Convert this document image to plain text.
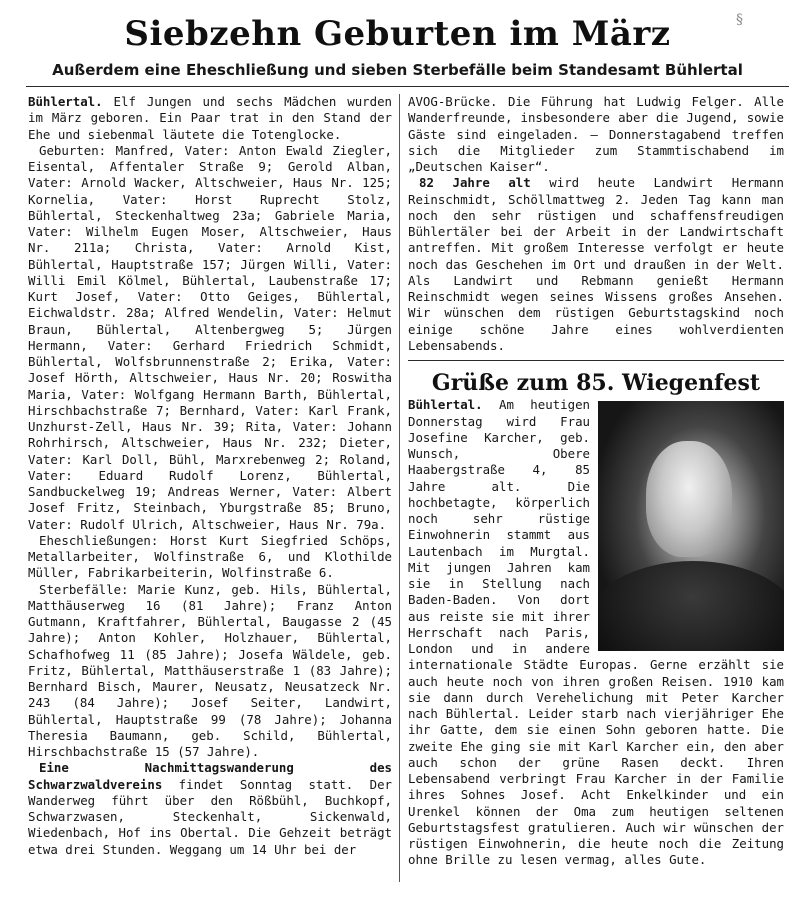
§
Siebzehn Geburten im März
Außerdem eine Eheschließung und sieben Sterbefälle beim Standesamt Bühlertal

Bühlertal. Elf Jungen und sechs Mädchen wurden im März geboren. Ein Paar trat in den Stand der Ehe und siebenmal läutete die Totenglocke.

Geburten: Manfred, Vater: Anton Ewald Ziegler, Eisental, Affentaler Straße 9; Gerold Alban, Vater: Arnold Wacker, Altschweier, Haus Nr. 125; Kornelia, Vater: Horst Ruprecht Stolz, Bühlertal, Steckenhaltweg 23a; Gabriele Maria, Vater: Wilhelm Eugen Moser, Altschweier, Haus Nr. 211a; Christa, Vater: Arnold Kist, Bühlertal, Hauptstraße 157; Jürgen Willi, Vater: Willi Emil Kölmel, Bühlertal, Laubenstraße 17; Kurt Josef, Vater: Otto Geiges, Bühlertal, Eichwaldstr. 28a; Alfred Wendelin, Vater: Helmut Braun, Bühlertal, Altenbergweg 5; Jürgen Hermann, Vater: Gerhard Friedrich Schmidt, Bühlertal, Wolfsbrunnenstraße 2; Erika, Vater: Josef Hörth, Altschweier, Haus Nr. 20; Roswitha Maria, Vater: Wolfgang Hermann Barth, Bühlertal, Hirschbachstraße 7; Bernhard, Vater: Karl Frank, Unzhurst-Zell, Haus Nr. 39; Rita, Vater: Johann Rohrhirsch, Altschweier, Haus Nr. 232; Dieter, Vater: Karl Doll, Bühl, Marxrebenweg 2; Roland, Vater: Eduard Rudolf Lorenz, Bühlertal, Sandbuckelweg 19; Andreas Werner, Vater: Albert Josef Fritz, Steinbach, Yburgstraße 85; Bruno, Vater: Rudolf Ulrich, Altschweier, Haus Nr. 79a.

Eheschließungen: Horst Kurt Siegfried Schöps, Metallarbeiter, Wolfinstraße 6, und Klothilde Müller, Fabrikarbeiterin, Wolfinstraße 6.

Sterbefälle: Marie Kunz, geb. Hils, Bühlertal, Matthäuserweg 16 (81 Jahre); Franz Anton Gutmann, Kraftfahrer, Bühlertal, Baugasse 2 (45 Jahre); Anton Kohler, Holzhauer, Bühlertal, Schafhofweg 11 (85 Jahre); Josefa Wäldele, geb. Fritz, Bühlertal, Matthäuserstraße 1 (83 Jahre); Bernhard Bisch, Maurer, Neusatz, Neusatzeck Nr. 243 (84 Jahre); Josef Seiter, Landwirt, Bühlertal, Hauptstraße 99 (78 Jahre); Johanna Theresia Baumann, geb. Schild, Bühlertal, Hirschbachstraße 15 (57 Jahre).

Eine Nachmittagswanderung des Schwarzwaldvereins findet Sonntag statt. Der Wanderweg führt über den Rößbühl, Buchkopf, Schwarzwasen, Steckenhalt, Sickenwald, Wiedenbach, Hof ins Obertal. Die Gehzeit beträgt etwa drei Stunden. Weggang um 14 Uhr bei der

AVOG-Brücke. Die Führung hat Ludwig Felger. Alle Wanderfreunde, insbesondere aber die Jugend, sowie Gäste sind eingeladen. — Donnerstagabend treffen sich die Mitglieder zum Stammtischabend im „Deutschen Kaiser“.

82 Jahre alt wird heute Landwirt Hermann Reinschmidt, Schöllmattweg 2. Jeden Tag kann man noch den sehr rüstigen und schaffensfreudigen Bühlertäler bei der Arbeit in der Landwirtschaft antreffen. Mit großem Interesse verfolgt er heute noch das Geschehen im Ort und draußen in der Welt. Als Landwirt und Rebmann genießt Hermann Reinschmidt wegen seines Wissens großes Ansehen. Wir wünschen dem rüstigen Geburtstagskind noch einige schöne Jahre eines wohlverdienten Lebensabends.

Grüße zum 85. Wiegenfest

Bühlertal. Am heutigen Donnerstag wird Frau Josefine Karcher, geb. Wunsch, Obere Haabergstraße 4, 85 Jahre alt. Die hochbetagte, körperlich noch sehr rüstige Einwohnerin stammt aus Lautenbach im Murgtal. Mit jungen Jahren kam sie in Stellung nach Baden-Baden. Von dort aus reiste sie mit ihrer Herrschaft nach Paris, London und in andere internationale Städte Europas. Gerne erzählt sie auch heute noch von ihren großen Reisen. 1910 kam sie dann durch Verehelichung mit Peter Karcher nach Bühlertal. Leider starb nach vierjähriger Ehe ihr Gatte, dem sie einen Sohn geboren hatte. Die zweite Ehe ging sie mit Karl Karcher ein, den aber auch schon der grüne Rasen deckt. Ihren Lebensabend verbringt Frau Karcher in der Familie ihres Sohnes Josef. Acht Enkelkinder und ein Urenkel können der Oma zum heutigen seltenen Geburtstagsfest gratulieren. Auch wir wünschen der rüstigen Einwohnerin, die heute noch die Zeitung ohne Brille zu lesen vermag, alles Gute.
